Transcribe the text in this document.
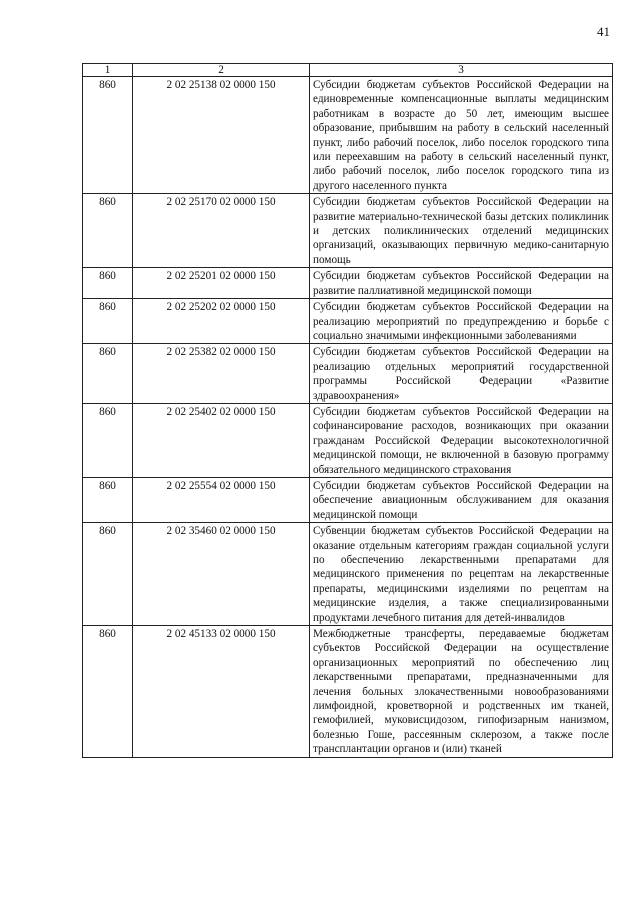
41
1	2	3
860	2 02 25138 02 0000 150	Субсидии бюджетам субъектов Российской Федерации на единовременные компенсационные выплаты медицинским работникам в возрасте до 50 лет, имеющим высшее образование, прибывшим на работу в сельский населенный пункт, либо рабочий поселок, либо поселок городского типа или переехавшим на работу в сельский населенный пункт, либо рабочий поселок, либо поселок городского типа из другого населенного пункта
860	2 02 25170 02 0000 150	Субсидии бюджетам субъектов Российской Федерации на развитие материально-технической базы детских поликлиник и детских поликлинических отделений медицинских организаций, оказывающих первичную медико-санитарную помощь
860	2 02 25201 02 0000 150	Субсидии бюджетам субъектов Российской Федерации на развитие паллиативной медицинской помощи
860	2 02 25202 02 0000 150	Субсидии бюджетам субъектов Российской Федерации на реализацию мероприятий по предупреждению и борьбе с социально значимыми инфекционными заболеваниями
860	2 02 25382 02 0000 150	Субсидии бюджетам субъектов Российской Федерации на реализацию отдельных мероприятий государственной программы Российской Федерации «Развитие здравоохранения»
860	2 02 25402 02 0000 150	Субсидии бюджетам субъектов Российской Федерации на софинансирование расходов, возникающих при оказании гражданам Российской Федерации высокотехнологичной медицинской помощи, не включенной в базовую программу обязательного медицинского страхования
860	2 02 25554 02 0000 150	Субсидии бюджетам субъектов Российской Федерации на обеспечение авиационным обслуживанием для оказания медицинской помощи
860	2 02 35460 02 0000 150	Субвенции бюджетам субъектов Российской Федерации на оказание отдельным категориям граждан социальной услуги по обеспечению лекарственными препаратами для медицинского применения по рецептам на лекарственные препараты, медицинскими изделиями по рецептам на медицинские изделия, а также специализированными продуктами лечебного питания для детей-инвалидов
860	2 02 45133 02 0000 150	Межбюджетные трансферты, передаваемые бюджетам субъектов Российской Федерации на осуществление организационных мероприятий по обеспечению лиц лекарственными препаратами, предназначенными для лечения больных злокачественными новообразованиями лимфоидной, кроветворной и родственных им тканей, гемофилией, муковисцидозом, гипофизарным нанизмом, болезнью Гоше, рассеянным склерозом, а также после трансплантации органов и (или) тканей
